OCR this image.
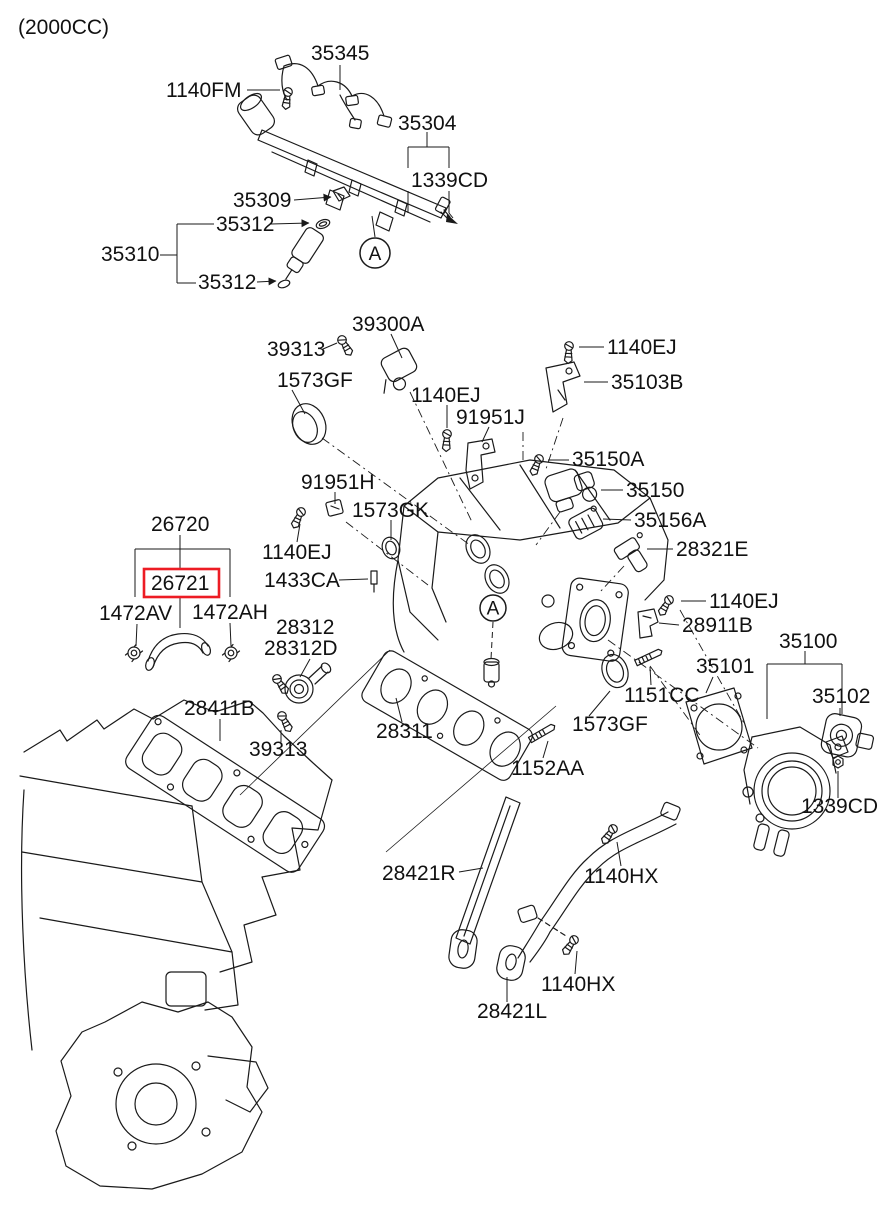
A
A
(2000CC)
35345
1140FM
35304
1339CD
35309
35312
35310
35312
39300A
39313
1573GF
1140EJ
91951J
1140EJ
35103B
35150A
35150
35156A
28321E
91951H
1573GK
26720
26721
1472AV 1472AH
1140EJ
1433CA
28312
28312D
1140EJ
28911B
35100
35101
35102
1151CC
28411B
39313
28311	1573GF
1152AA
1339CD
28421R	1140HX
1140HX
28421L
